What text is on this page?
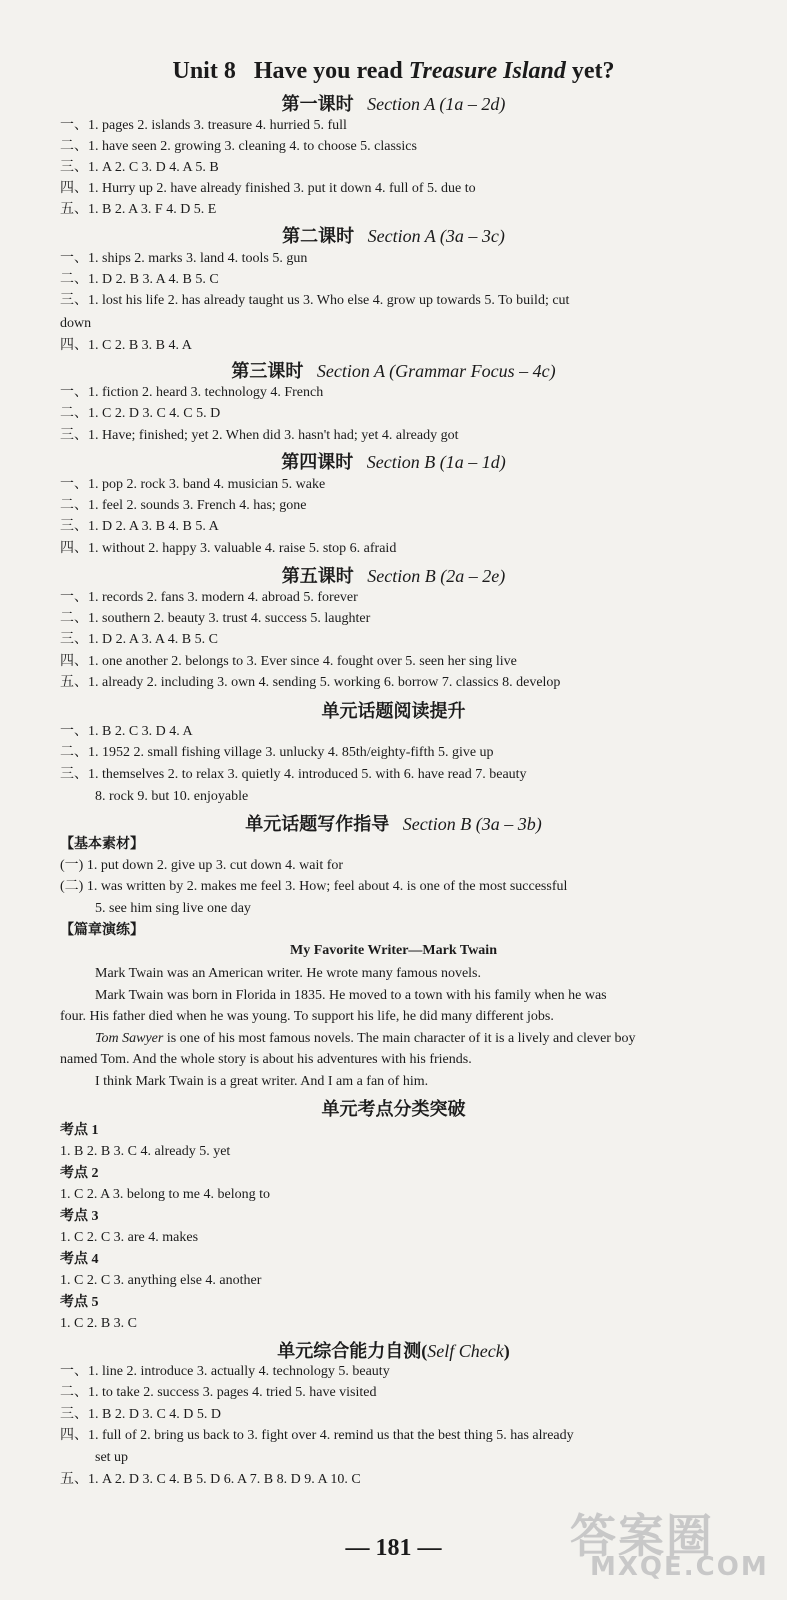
Unit 8 Have you read Treasure Island yet?
第一课时 Section A (1a – 2d)
一、1. pages 2. islands 3. treasure 4. hurried 5. full
二、1. have seen 2. growing 3. cleaning 4. to choose 5. classics
三、1. A 2. C 3. D 4. A 5. B
四、1. Hurry up 2. have already finished 3. put it down 4. full of 5. due to
五、1. B 2. A 3. F 4. D 5. E
第二课时 Section A (3a – 3c)
一、1. ships 2. marks 3. land 4. tools 5. gun
二、1. D 2. B 3. A 4. B 5. C
三、1. lost his life 2. has already taught us 3. Who else 4. grow up towards 5. To build; cut
down
四、1. C 2. B 3. B 4. A
第三课时 Section A (Grammar Focus – 4c)
一、1. fiction 2. heard 3. technology 4. French
二、1. C 2. D 3. C 4. C 5. D
三、1. Have; finished; yet 2. When did 3. hasn't had; yet 4. already got
第四课时 Section B (1a – 1d)
一、1. pop 2. rock 3. band 4. musician 5. wake
二、1. feel 2. sounds 3. French 4. has; gone
三、1. D 2. A 3. B 4. B 5. A
四、1. without 2. happy 3. valuable 4. raise 5. stop 6. afraid
第五课时 Section B (2a – 2e)
一、1. records 2. fans 3. modern 4. abroad 5. forever
二、1. southern 2. beauty 3. trust 4. success 5. laughter
三、1. D 2. A 3. A 4. B 5. C
四、1. one another 2. belongs to 3. Ever since 4. fought over 5. seen her sing live
五、1. already 2. including 3. own 4. sending 5. working 6. borrow 7. classics 8. develop
单元话题阅读提升
一、1. B 2. C 3. D 4. A
二、1. 1952 2. small fishing village 3. unlucky 4. 85th/eighty-fifth 5. give up
三、1. themselves 2. to relax 3. quietly 4. introduced 5. with 6. have read 7. beauty
8. rock 9. but 10. enjoyable
单元话题写作指导 Section B (3a – 3b)
【基本素材】
(一) 1. put down 2. give up 3. cut down 4. wait for
(二) 1. was written by 2. makes me feel 3. How; feel about 4. is one of the most successful
5. see him sing live one day
【篇章演练】
My Favorite Writer—Mark Twain
Mark Twain was an American writer. He wrote many famous novels.
Mark Twain was born in Florida in 1835. He moved to a town with his family when he was
four. His father died when he was young. To support his life, he did many different jobs.
Tom Sawyer is one of his most famous novels. The main character of it is a lively and clever boy
named Tom. And the whole story is about his adventures with his friends.
I think Mark Twain is a great writer. And I am a fan of him.
单元考点分类突破
考点 1
1. B 2. B 3. C 4. already 5. yet
考点 2
1. C 2. A 3. belong to me 4. belong to
考点 3
1. C 2. C 3. are 4. makes
考点 4
1. C 2. C 3. anything else 4. another
考点 5
1. C 2. B 3. C
单元综合能力自测(Self Check)
一、1. line 2. introduce 3. actually 4. technology 5. beauty
二、1. to take 2. success 3. pages 4. tried 5. have visited
三、1. B 2. D 3. C 4. D 5. D
四、1. full of 2. bring us back to 3. fight over 4. remind us that the best thing 5. has already
set up
五、1. A 2. D 3. C 4. B 5. D 6. A 7. B 8. D 9. A 10. C
— 181 —	答案圈
MXQE.COM
